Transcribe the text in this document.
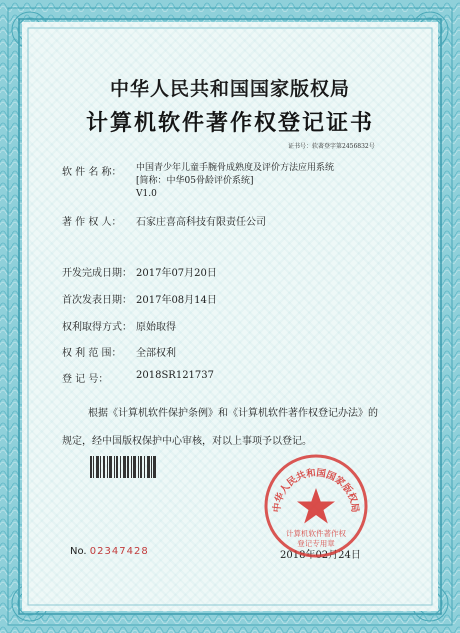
中华人民共和国国家版权局
计算机软件著作权登记证书
证书号：软著登字第2456832号
软 件 名 称： 中国青少年儿童手腕骨成熟度及评价方法应用系统
[简称：中华05骨龄评价系统]
V1.0
著 作 权 人： 石家庄喜高科技有限责任公司
开发完成日期： 2017年07月20日
首次发表日期： 2017年08月14日
权利取得方式： 原始取得
权 利 范 围： 全部权利
登 记 号：	2018SR121737
根据《计算机软件保护条例》和《计算机软件著作权登记办法》的
规定，经中国版权保护中心审核，对以上事项予以登记。
No. 02347428	2018年02月24日
中华人民共和国国家版权局
计算机软件著作权
登记专用章
